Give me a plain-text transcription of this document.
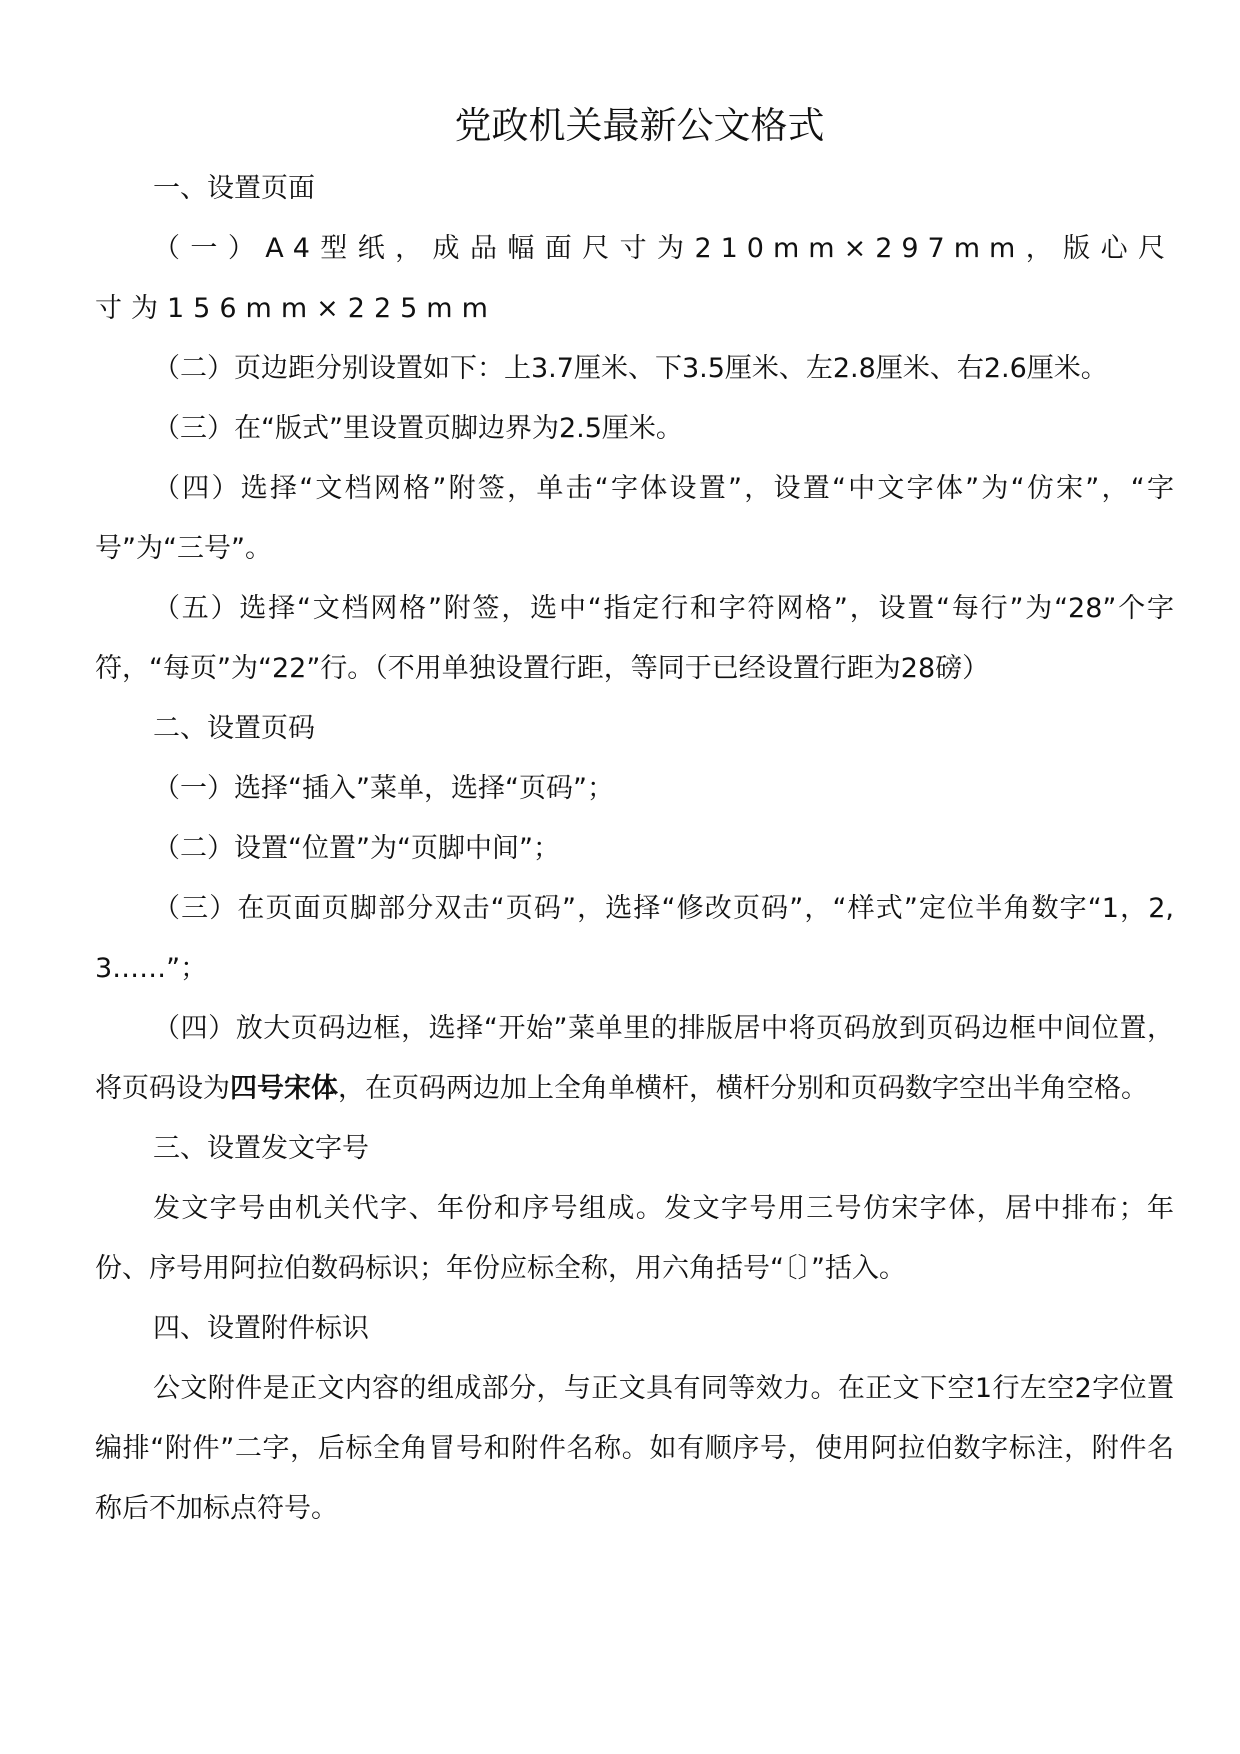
党政机关最新公文格式

一、设置页面

（一）A4型纸，成品幅面尺寸为210mm×297mm，版心尺寸为156mm×225mm

（二）页边距分别设置如下：上3.7厘米、下3.5厘米、左2.8厘米、右2.6厘米。

（三）在“版式”里设置页脚边界为2.5厘米。

（四）选择“文档网格”附签，单击“字体设置”，设置“中文字体”为“仿宋”，“字号”为“三号”。

（五）选择“文档网格”附签，选中“指定行和字符网格”，设置“每行”为“28”个字符，“每页”为“22”行。（不用单独设置行距，等同于已经设置行距为28磅）

二、设置页码

（一）选择“插入”菜单，选择“页码”；

（二）设置“位置”为“页脚中间”；

（三）在页面页脚部分双击“页码”，选择“修改页码”，“样式”定位半角数字“1，2,3……”；

（四）放大页码边框，选择“开始”菜单里的排版居中将页码放到页码边框中间位置，将页码设为四号宋体，在页码两边加上全角单横杆，横杆分别和页码数字空出半角空格。

三、设置发文字号

发文字号由机关代字、年份和序号组成。发文字号用三号仿宋字体，居中排布；年份、序号用阿拉伯数码标识；年份应标全称，用六角括号“〔〕”括入。

四、设置附件标识

公文附件是正文内容的组成部分，与正文具有同等效力。在正文下空1行左空2字位置编排“附件”二字，后标全角冒号和附件名称。如有顺序号，使用阿拉伯数字标注，附件名称后不加标点符号。
